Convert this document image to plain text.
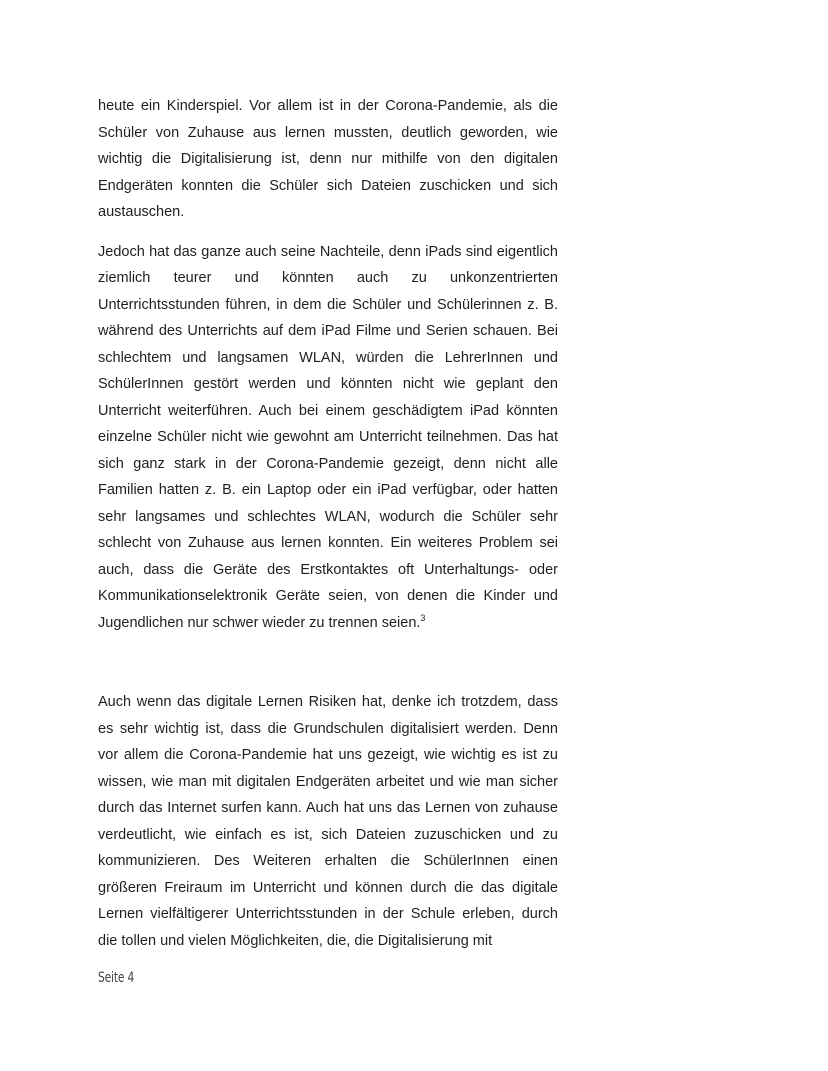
heute ein Kinderspiel. Vor allem ist in der Corona-Pandemie, als die Schüler von Zuhause aus lernen mussten, deutlich geworden, wie wichtig die Digitalisierung ist, denn nur mithilfe von den digitalen Endgeräten konnten die Schüler sich Dateien zuschicken und sich austauschen.

Jedoch hat das ganze auch seine Nachteile, denn iPads sind eigentlich ziemlich teurer und könnten auch zu unkonzentrierten Unterrichtsstunden führen, in dem die Schüler und Schülerinnen z. B. während des Unterrichts auf dem iPad Filme und Serien schauen. Bei schlechtem und langsamen WLAN, würden die LehrerInnen und SchülerInnen gestört werden und könnten nicht wie geplant den Unterricht weiterführen. Auch bei einem geschädigtem iPad könnten einzelne Schüler nicht wie gewohnt am Unterricht teilnehmen. Das hat sich ganz stark in der Corona-Pandemie gezeigt, denn nicht alle Familien hatten z. B. ein Laptop oder ein iPad verfügbar, oder hatten sehr langsames und schlechtes WLAN, wodurch die Schüler sehr schlecht von Zuhause aus lernen konnten. Ein weiteres Problem sei auch, dass die Geräte des Erstkontaktes oft Unterhaltungs- oder Kommunikationselektronik Geräte seien, von denen die Kinder und Jugendlichen nur schwer wieder zu trennen seien.$^3$

Auch wenn das digitale Lernen Risiken hat, denke ich trotzdem, dass es sehr wichtig ist, dass die Grundschulen digitalisiert werden. Denn vor allem die Corona-Pandemie hat uns gezeigt, wie wichtig es ist zu wissen, wie man mit digitalen Endgeräten arbeitet und wie man sicher durch das Internet surfen kann. Auch hat uns das Lernen von zuhause verdeutlicht, wie einfach es ist, sich Dateien zuzuschicken und zu kommunizieren. Des Weiteren erhalten die SchülerInnen einen größeren Freiraum im Unterricht und können durch die das digitale Lernen vielfältigerer Unterrichtsstunden in der Schule erleben, durch die tollen und vielen Möglichkeiten, die, die Digitalisierung mit

Seite 4
